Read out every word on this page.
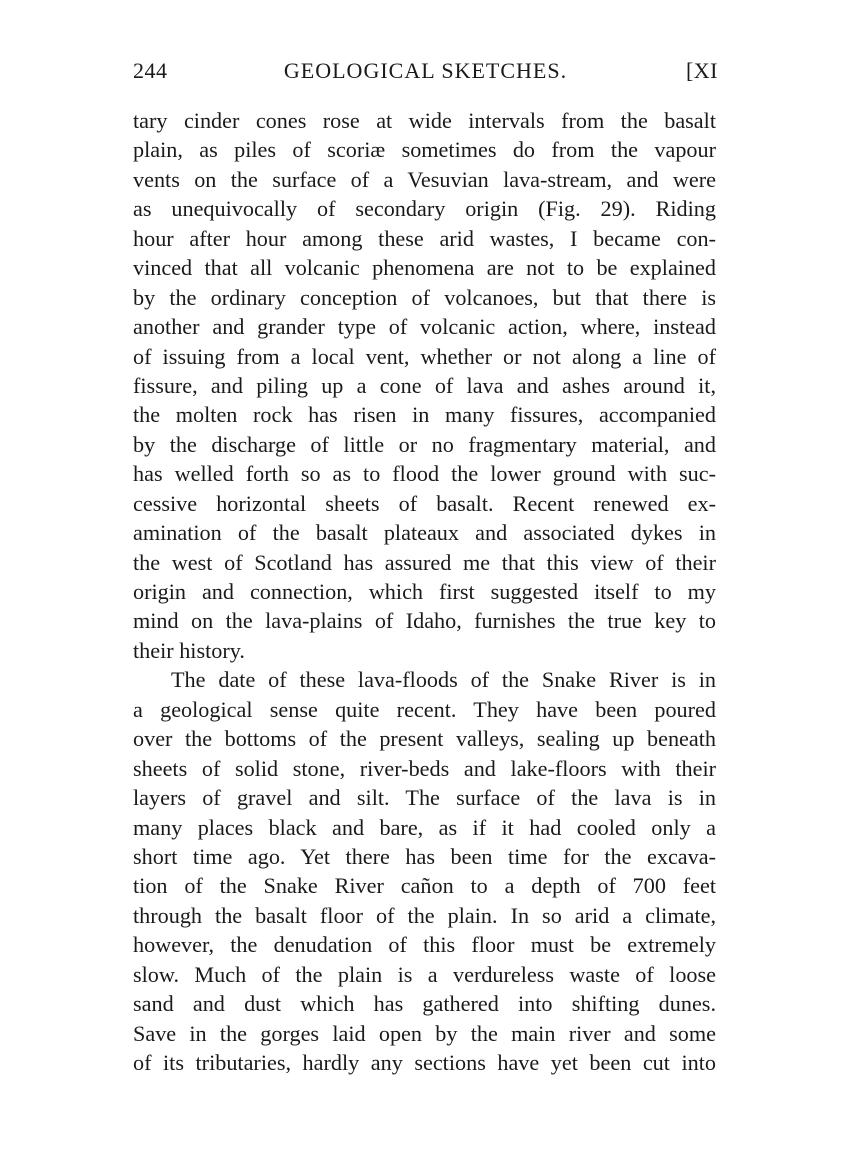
244	GEOLOGICAL SKETCHES.	[XI
tary cinder cones rose at wide intervals from the basalt
plain, as piles of scoriæ sometimes do from the vapour
vents on the surface of a Vesuvian lava-stream, and were
as unequivocally of secondary origin (Fig. 29). Riding
hour after hour among these arid wastes, I became con-
vinced that all volcanic phenomena are not to be explained
by the ordinary conception of volcanoes, but that there is
another and grander type of volcanic action, where, instead
of issuing from a local vent, whether or not along a line of
fissure, and piling up a cone of lava and ashes around it,
the molten rock has risen in many fissures, accompanied
by the discharge of little or no fragmentary material, and
has welled forth so as to flood the lower ground with suc-
cessive horizontal sheets of basalt. Recent renewed ex-
amination of the basalt plateaux and associated dykes in
the west of Scotland has assured me that this view of their
origin and connection, which first suggested itself to my
mind on the lava-plains of Idaho, furnishes the true key to
their history.
The date of these lava-floods of the Snake River is in
a geological sense quite recent. They have been poured
over the bottoms of the present valleys, sealing up beneath
sheets of solid stone, river-beds and lake-floors with their
layers of gravel and silt. The surface of the lava is in
many places black and bare, as if it had cooled only a
short time ago. Yet there has been time for the excava-
tion of the Snake River cañon to a depth of 700 feet
through the basalt floor of the plain. In so arid a climate,
however, the denudation of this floor must be extremely
slow. Much of the plain is a verdureless waste of loose
sand and dust which has gathered into shifting dunes.
Save in the gorges laid open by the main river and some
of its tributaries, hardly any sections have yet been cut into
